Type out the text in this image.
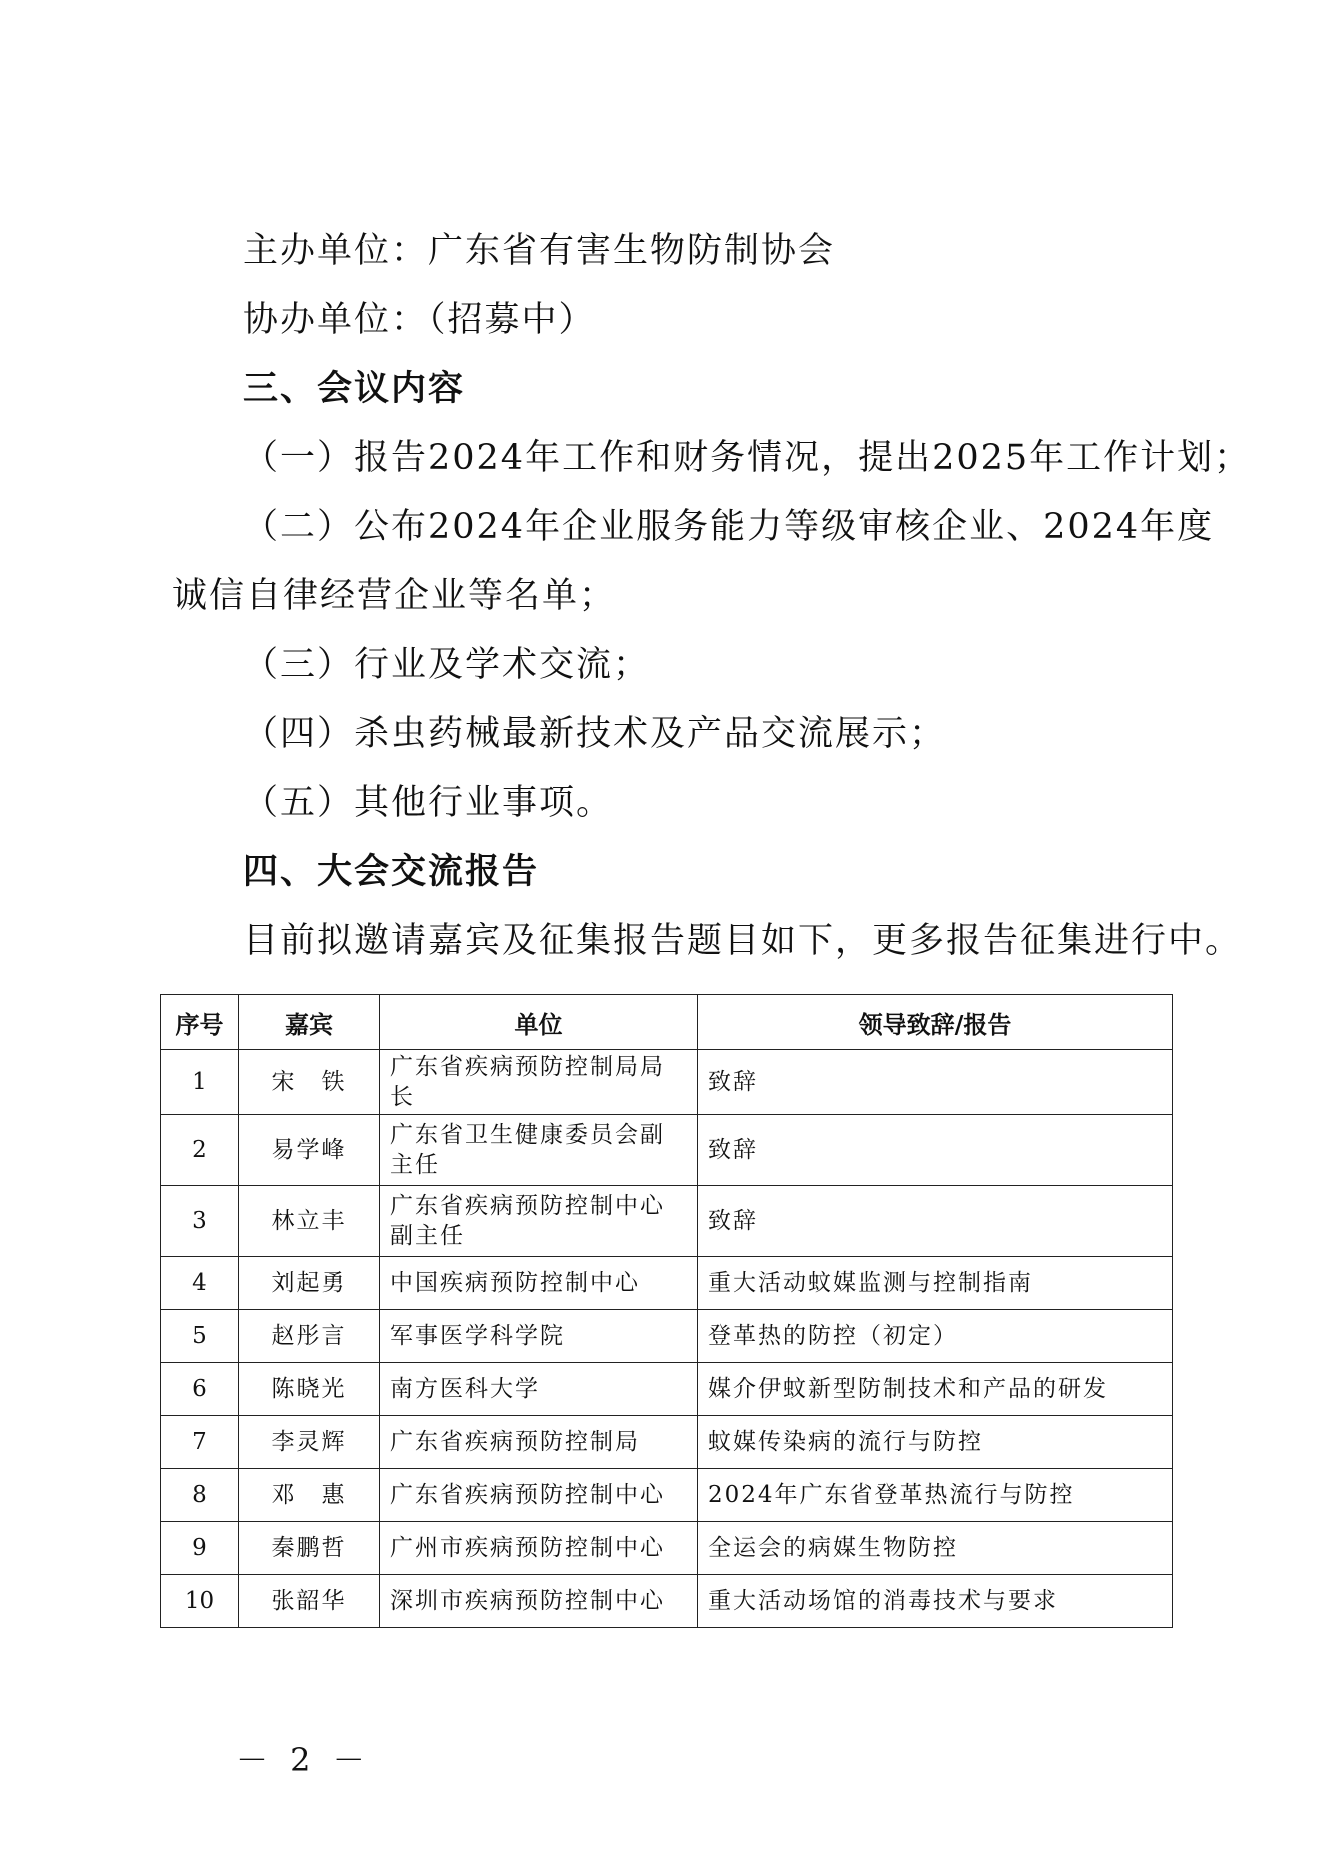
主办单位：广东省有害生物防制协会
协办单位：（招募中）
三、会议内容
（一）报告2024年工作和财务情况，提出2025年工作计划；
（二）公布2024年企业服务能力等级审核企业、2024年度
诚信自律经营企业等名单；
（三）行业及学术交流；
（四）杀虫药械最新技术及产品交流展示；
（五）其他行业事项。
四、大会交流报告
目前拟邀请嘉宾及征集报告题目如下，更多报告征集进行中。
序号	嘉宾	单位	领导致辞/报告
1	宋　铁	广东省疾病预防控制局局长	致辞
2	易学峰	广东省卫生健康委员会副主任	致辞
3	林立丰	广东省疾病预防控制中心副主任	致辞
4	刘起勇	中国疾病预防控制中心	重大活动蚊媒监测与控制指南
5	赵彤言	军事医学科学院	登革热的防控（初定）
6	陈晓光	南方医科大学	媒介伊蚊新型防制技术和产品的研发
7	李灵辉	广东省疾病预防控制局	蚊媒传染病的流行与防控
8	邓　惠	广东省疾病预防控制中心	2024年广东省登革热流行与防控
9	秦鹏哲	广州市疾病预防控制中心	全运会的病媒生物防控
10	张韶华	深圳市疾病预防控制中心	重大活动场馆的消毒技术与要求
－ 2 －
